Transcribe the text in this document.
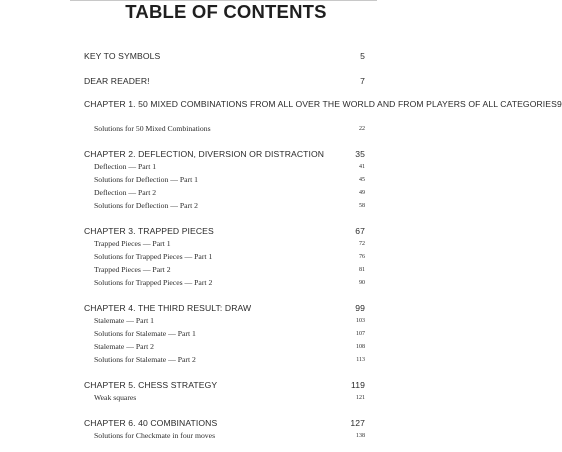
TABLE OF CONTENTS
KEY TO SYMBOLS	5
DEAR READER!	7
CHAPTER 1. 50 MIXED COMBINATIONS FROM ALL OVER THE WORLD AND FROM PLAYERS OF ALL CATEGORIES 9
Solutions for 50 Mixed Combinations	22
CHAPTER 2. DEFLECTION, DIVERSION OR DISTRACTION	35
Deflection — Part 1	41
Solutions for Deflection — Part 1	45
Deflection — Part 2	49
Solutions for Deflection — Part 2	58
CHAPTER 3. TRAPPED PIECES	67
Trapped Pieces — Part 1	72
Solutions for Trapped Pieces — Part 1	76
Trapped Pieces — Part 2	81
Solutions for Trapped Pieces — Part 2	90
CHAPTER 4. THE THIRD RESULT: DRAW	99
Stalemate — Part 1	103
Solutions for Stalemate — Part 1	107
Stalemate — Part 2	108
Solutions for Stalemate — Part 2	113
CHAPTER 5. CHESS STRATEGY	119
Weak squares	121
CHAPTER 6. 40 COMBINATIONS	127
Solutions for Checkmate in four moves	138
